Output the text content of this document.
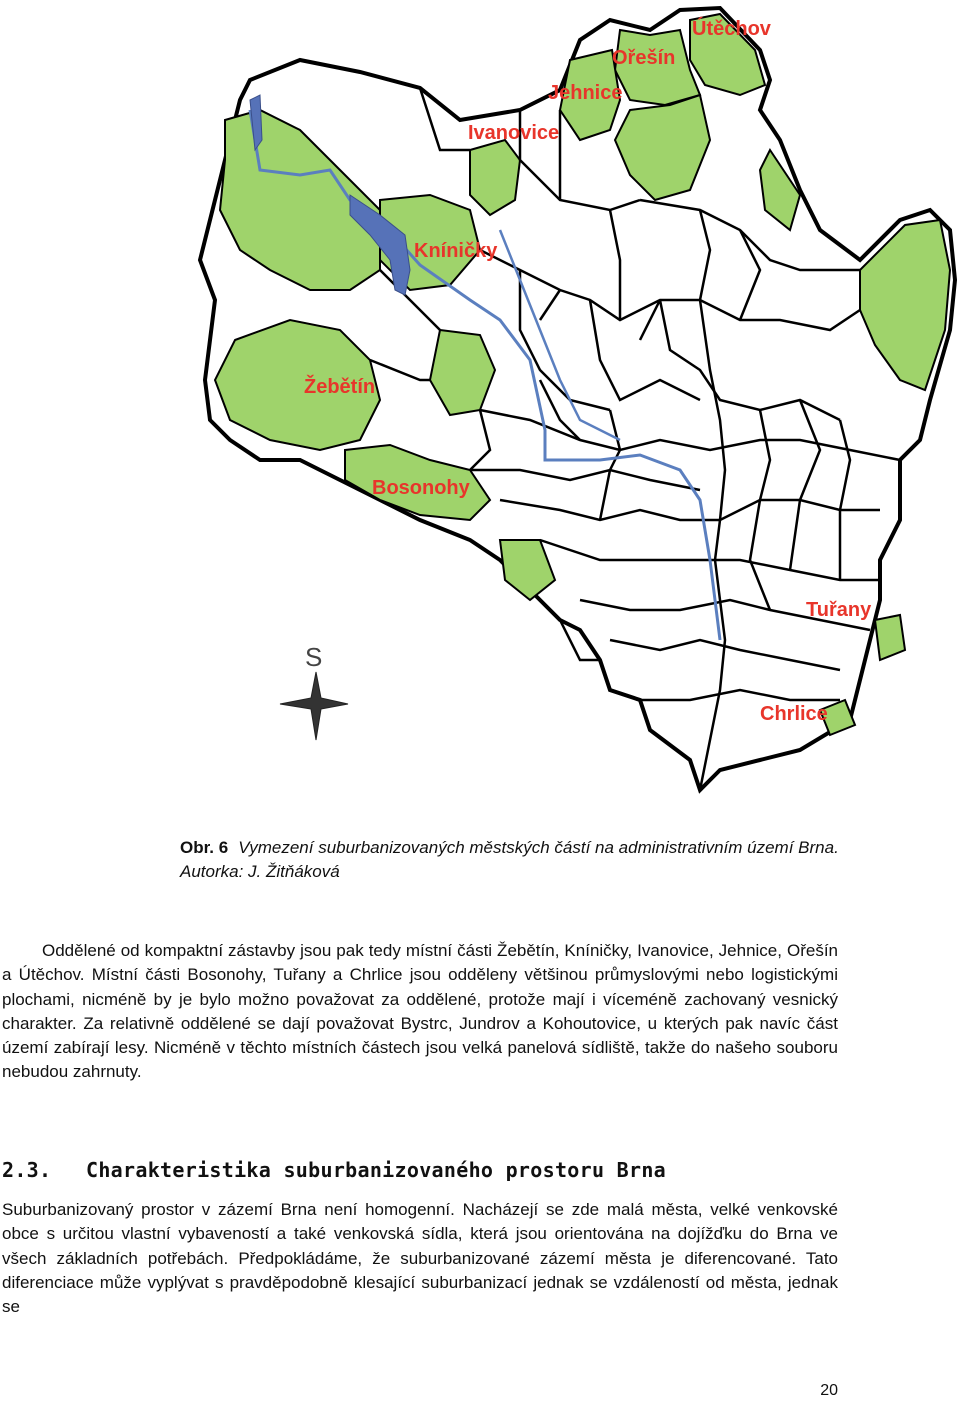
Útěchov
Ořešín
Jehnice
Ivanovice
Kníničky
Žebětín
Bosonohy
Tuřany
Chrlice
S
Obr. 6 Vymezení suburbanizovaných městských částí na administrativním území Brna. Autorka: J. Žitňáková
Oddělené od kompaktní zástavby jsou pak tedy místní části Žebětín, Kníničky, Ivanovice, Jehnice, Ořešín a Útěchov. Místní části Bosonohy, Tuřany a Chrlice jsou odděleny většinou průmyslovými nebo logistickými plochami, nicméně by je bylo možno považovat za oddělené, protože mají i víceméně zachovaný vesnický charakter. Za relativně oddělené se dají považovat Bystrc, Jundrov a Kohoutovice, u kterých pak navíc část území zabírají lesy. Nicméně v těchto místních částech jsou velká panelová sídliště, takže do našeho souboru nebudou zahrnuty.
2.3. Charakteristika suburbanizovaného prostoru Brna
Suburbanizovaný prostor v zázemí Brna není homogenní. Nacházejí se zde malá města, velké venkovské obce s určitou vlastní vybaveností a také venkovská sídla, která jsou orientována na dojížďku do Brna ve všech základních potřebách. Předpokládáme, že suburbanizované zázemí města je diferencované. Tato diferenciace může vyplývat s pravděpodobně klesající suburbanizací jednak se vzdáleností od města, jednak se
20
